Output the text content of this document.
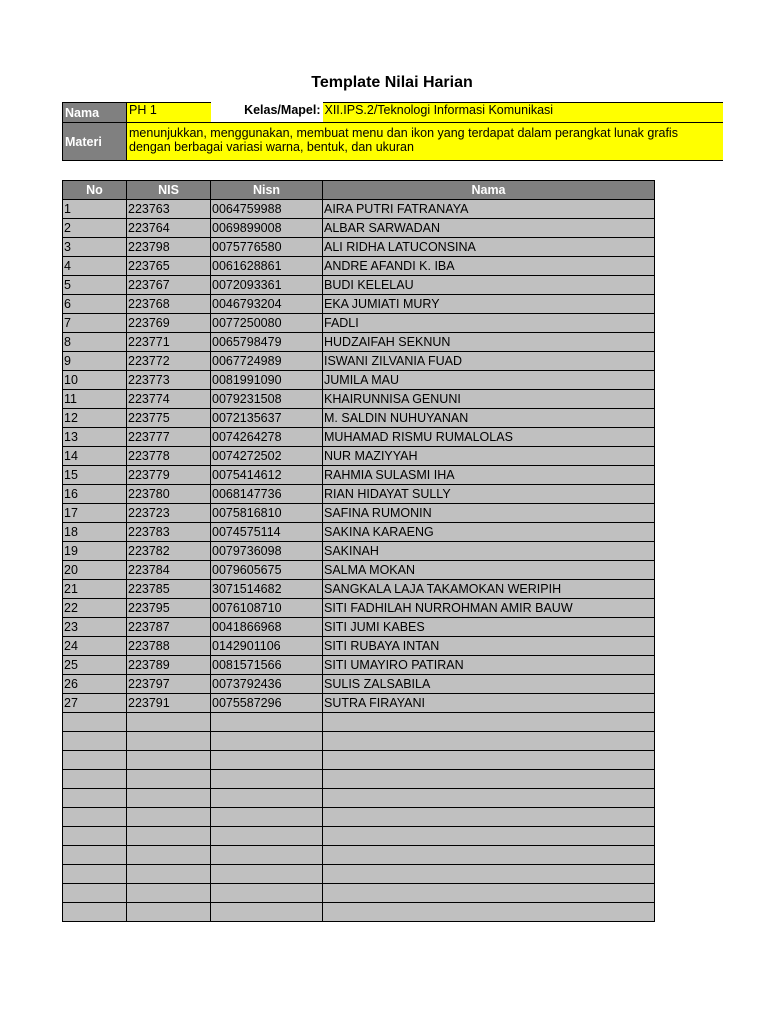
Template Nilai Harian
Nama	PH 1	Kelas/Mapel:	XII.IPS.2/Teknologi Informasi Komunikasi
Materi	menunjukkan, menggunakan, membuat menu dan ikon yang terdapat dalam perangkat lunak grafis dengan berbagai variasi warna, bentuk, dan ukuran		
No	NIS	Nisn	Nama
1	223763	0064759988	AIRA PUTRI FATRANAYA
2	223764	0069899008	ALBAR SARWADAN
3	223798	0075776580	ALI RIDHA LATUCONSINA
4	223765	0061628861	ANDRE AFANDI K. IBA
5	223767	0072093361	BUDI KELELAU
6	223768	0046793204	EKA JUMIATI MURY
7	223769	0077250080	FADLI
8	223771	0065798479	HUDZAIFAH SEKNUN
9	223772	0067724989	ISWANI ZILVANIA FUAD
10	223773	0081991090	JUMILA MAU
11	223774	0079231508	KHAIRUNNISA GENUNI
12	223775	0072135637	M. SALDIN NUHUYANAN
13	223777	0074264278	MUHAMAD RISMU RUMALOLAS
14	223778	0074272502	NUR MAZIYYAH
15	223779	0075414612	RAHMIA SULASMI IHA
16	223780	0068147736	RIAN HIDAYAT SULLY
17	223723	0075816810	SAFINA RUMONIN
18	223783	0074575114	SAKINA KARAENG
19	223782	0079736098	SAKINAH
20	223784	0079605675	SALMA MOKAN
21	223785	3071514682	SANGKALA LAJA TAKAMOKAN WERIPIH
22	223795	0076108710	SITI FADHILAH NURROHMAN AMIR BAUW
23	223787	0041866968	SITI JUMI KABES
24	223788	0142901106	SITI RUBAYA INTAN
25	223789	0081571566	SITI UMAYIRO PATIRAN
26	223797	0073792436	SULIS ZALSABILA
27	223791	0075587296	SUTRA FIRAYANI
